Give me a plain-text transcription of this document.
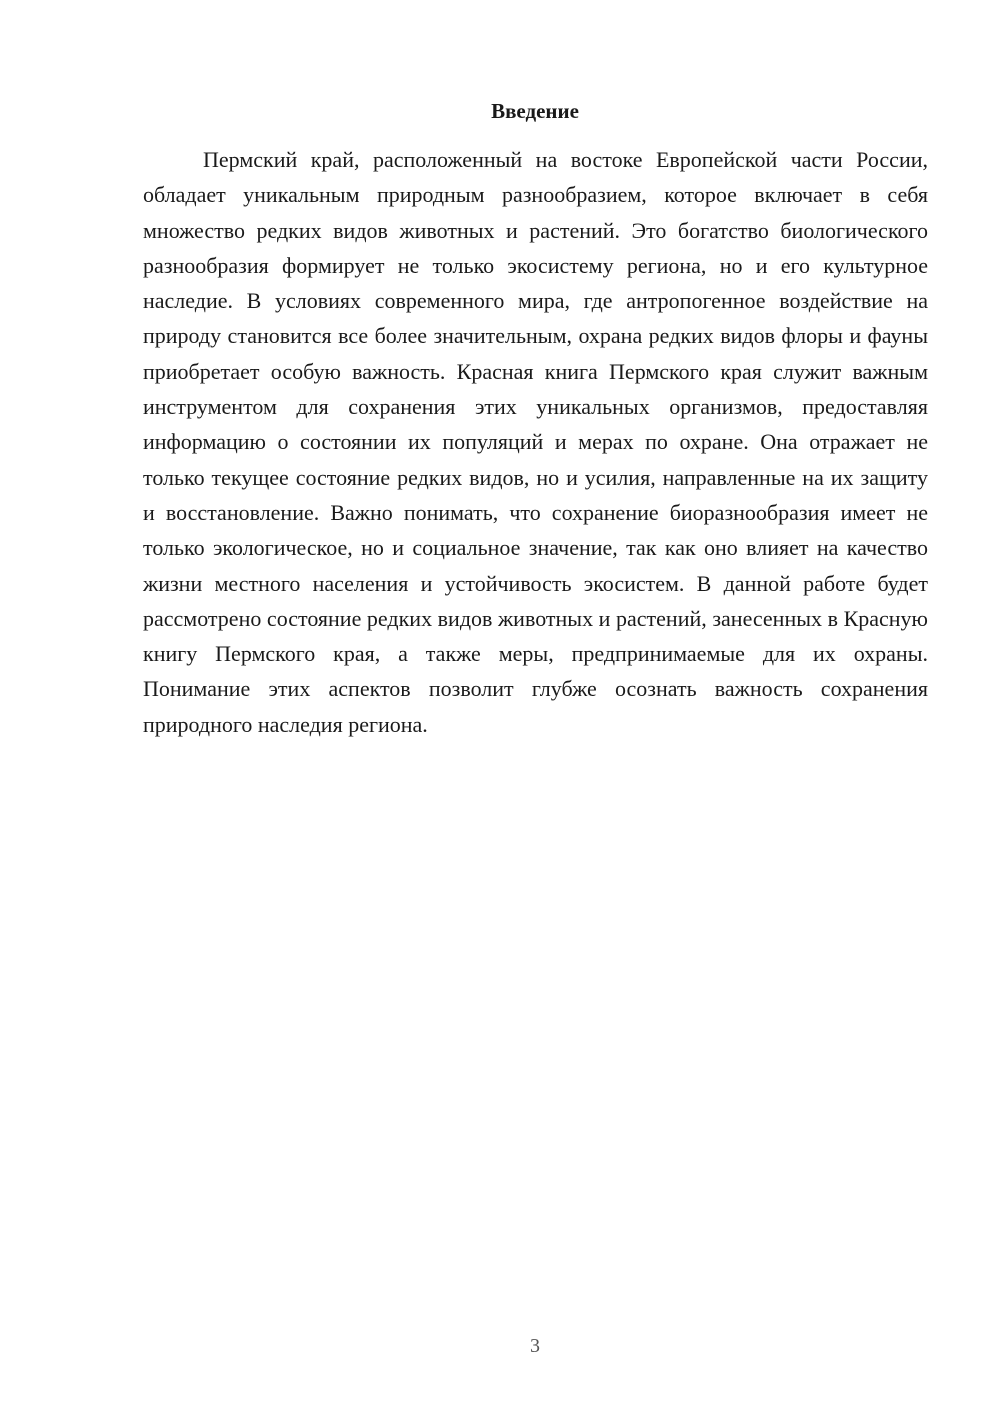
Введение

Пермский край, расположенный на востоке Европейской части России, обладает уникальным природным разнообразием, которое включает в себя множество редких видов животных и растений. Это богатство биологического разнообразия формирует не только экосистему региона, но и его культурное наследие. В условиях современного мира, где антропогенное воздействие на природу становится все более значительным, охрана редких видов флоры и фауны приобретает особую важность. Красная книга Пермского края служит важным инструментом для сохранения этих уникальных организмов, предоставляя информацию о состоянии их популяций и мерах по охране. Она отражает не только текущее состояние редких видов, но и усилия, направленные на их защиту и восстановление. Важно понимать, что сохранение биоразнообразия имеет не только экологическое, но и социальное значение, так как оно влияет на качество жизни местного населения и устойчивость экосистем. В данной работе будет рассмотрено состояние редких видов животных и растений, занесенных в Красную книгу Пермского края, а также меры, предпринимаемые для их охраны. Понимание этих аспектов позволит глубже осознать важность сохранения природного наследия региона.

3
